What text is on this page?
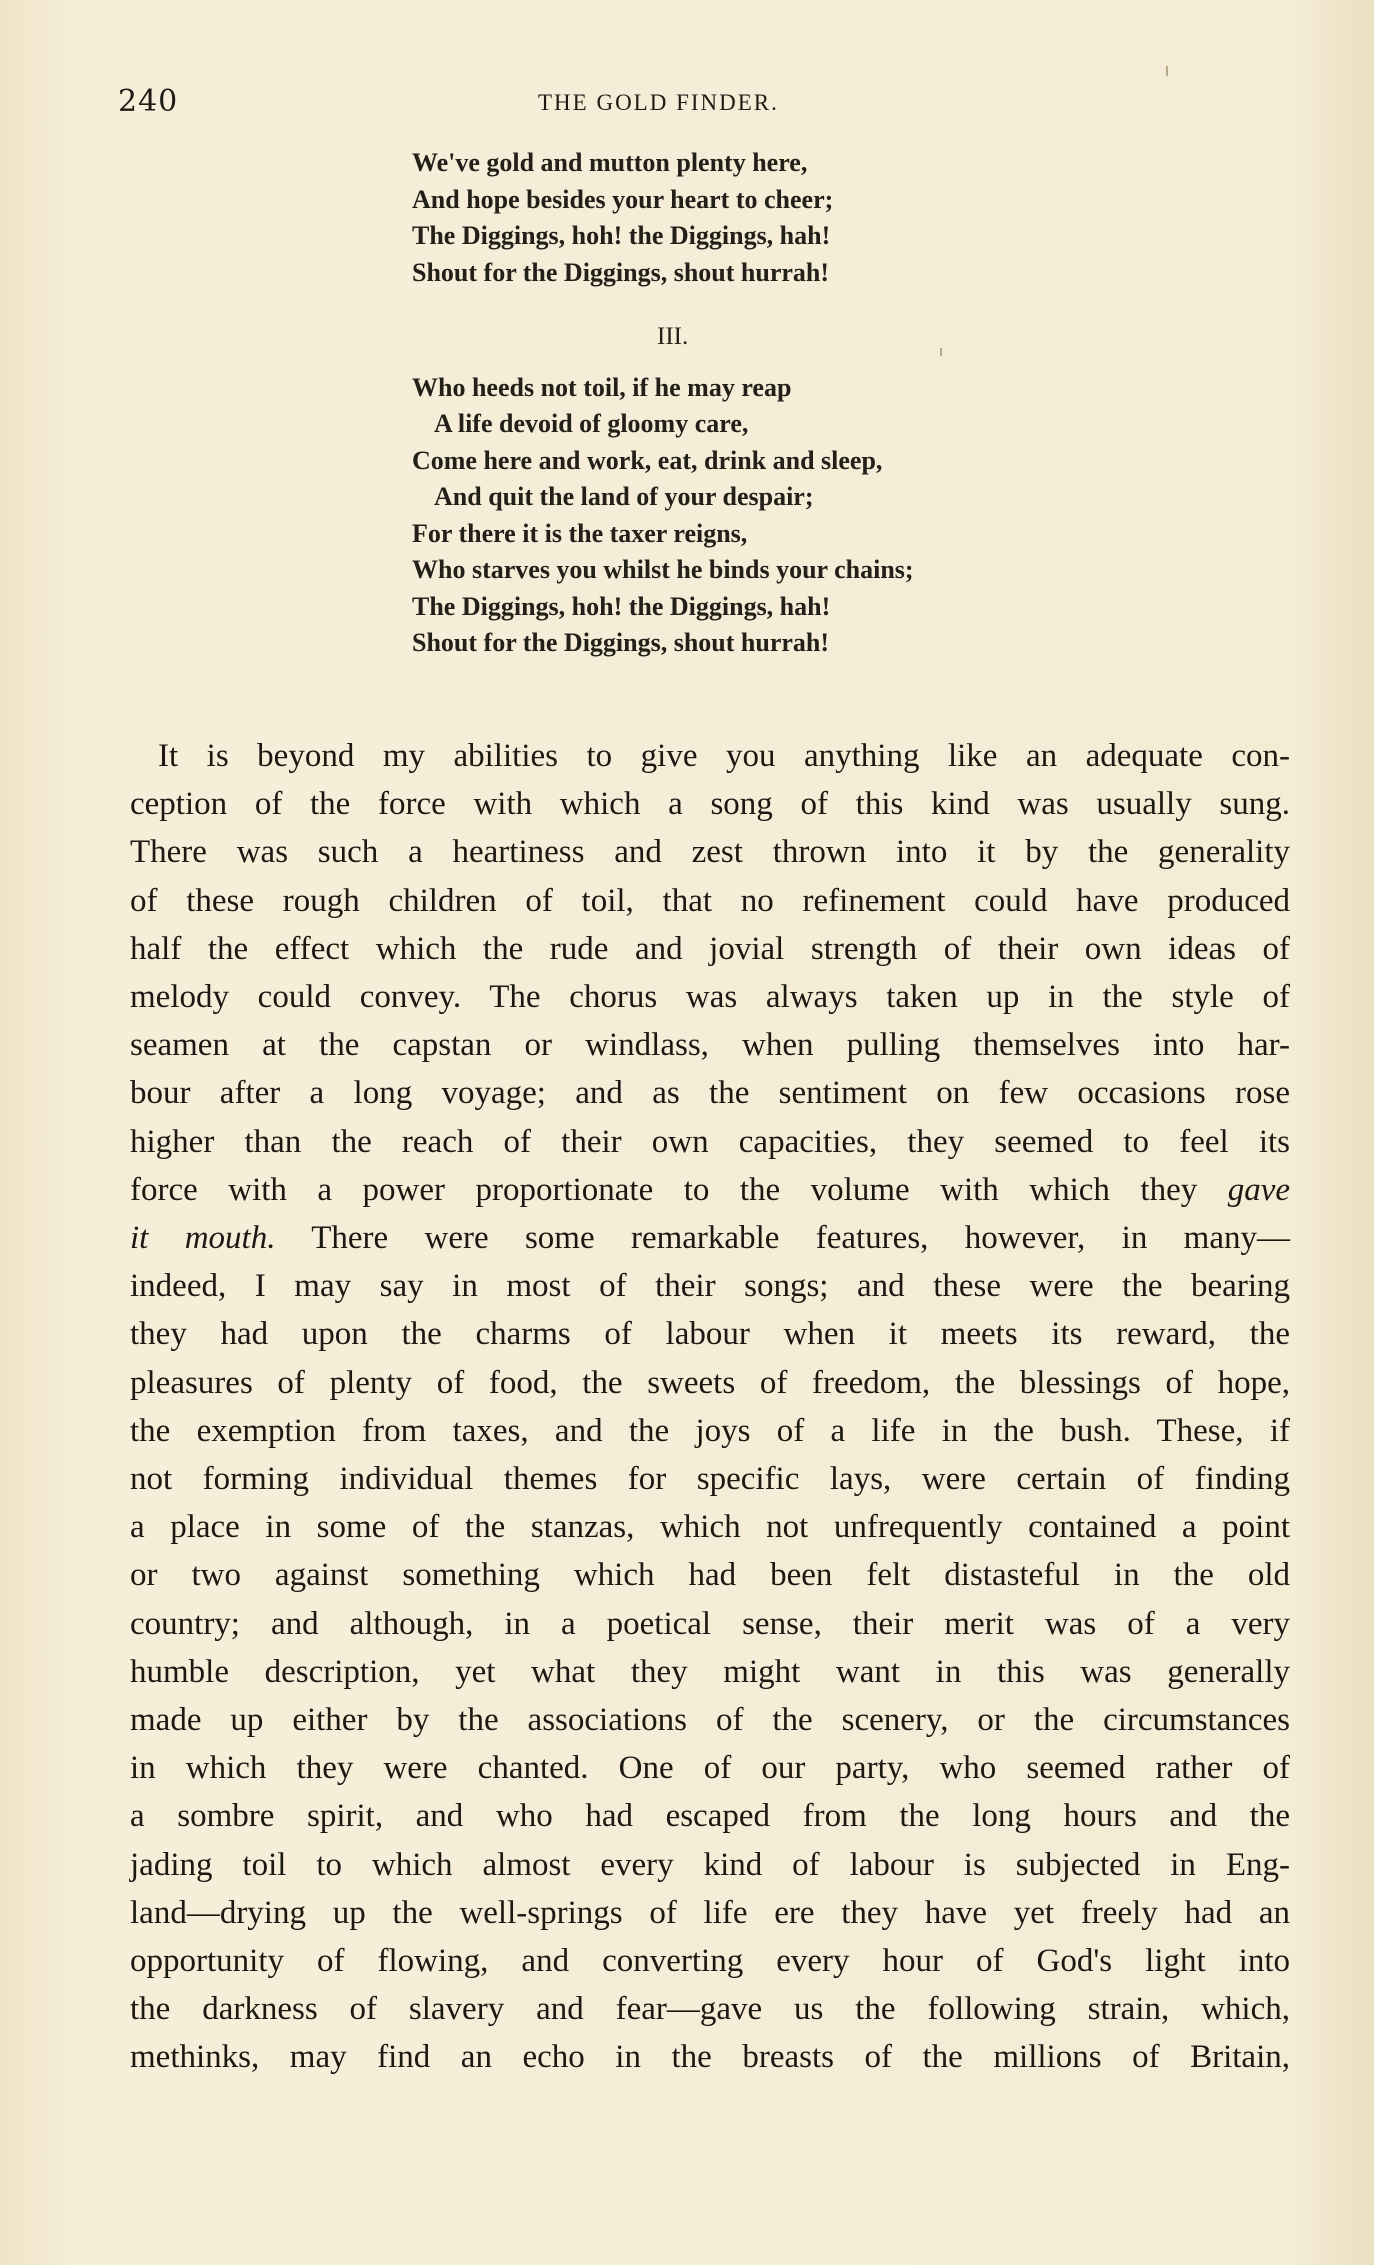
240	THE GOLD FINDER.
We've gold and mutton plenty here,
And hope besides your heart to cheer;
The Diggings, hoh! the Diggings, hah!
Shout for the Diggings, shout hurrah!
III.
Who heeds not toil, if he may reap
A life devoid of gloomy care,
Come here and work, eat, drink and sleep,
And quit the land of your despair;
For there it is the taxer reigns,
Who starves you whilst he binds your chains;
The Diggings, hoh! the Diggings, hah!
Shout for the Diggings, shout hurrah!
It is beyond my abilities to give you anything like an adequate con-
ception of the force with which a song of this kind was usually sung.
There was such a heartiness and zest thrown into it by the generality
of these rough children of toil, that no refinement could have produced
half the effect which the rude and jovial strength of their own ideas of
melody could convey. The chorus was always taken up in the style of
seamen at the capstan or windlass, when pulling themselves into har-
bour after a long voyage; and as the sentiment on few occasions rose
higher than the reach of their own capacities, they seemed to feel its
force with a power proportionate to the volume with which they gave
it mouth. There were some remarkable features, however, in many—
indeed, I may say in most of their songs; and these were the bearing
they had upon the charms of labour when it meets its reward, the
pleasures of plenty of food, the sweets of freedom, the blessings of hope,
the exemption from taxes, and the joys of a life in the bush. These, if
not forming individual themes for specific lays, were certain of finding
a place in some of the stanzas, which not unfrequently contained a point
or two against something which had been felt distasteful in the old
country; and although, in a poetical sense, their merit was of a very
humble description, yet what they might want in this was generally
made up either by the associations of the scenery, or the circumstances
in which they were chanted. One of our party, who seemed rather of
a sombre spirit, and who had escaped from the long hours and the
jading toil to which almost every kind of labour is subjected in Eng-
land—drying up the well-springs of life ere they have yet freely had an
opportunity of flowing, and converting every hour of God's light into
the darkness of slavery and fear—gave us the following strain, which,
methinks, may find an echo in the breasts of the millions of Britain,
